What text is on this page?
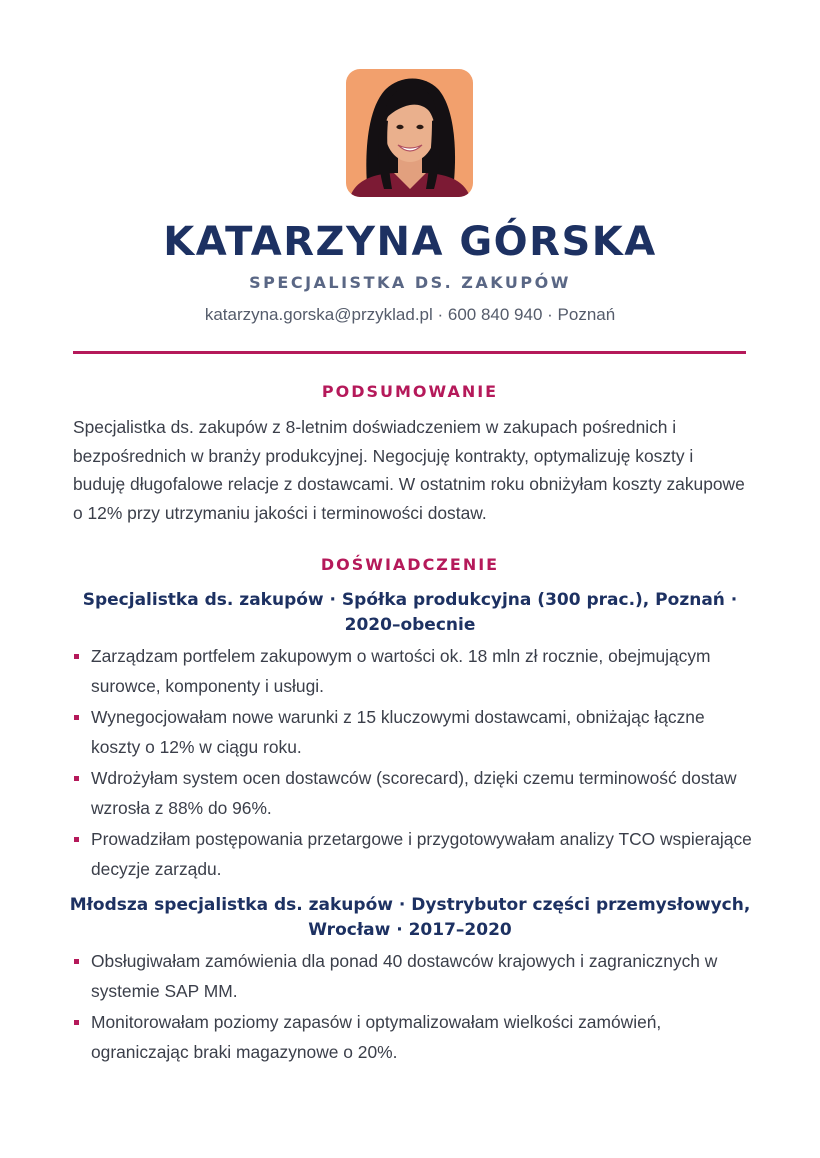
KATARZYNA GÓRSKA
SPECJALISTKA DS. ZAKUPÓW
katarzyna.gorska@przyklad.pl · 600 840 940 · Poznań
PODSUMOWANIE
Specjalistka ds. zakupów z 8-letnim doświadczeniem w zakupach pośrednich i bezpośrednich w branży produkcyjnej. Negocjuję kontrakty, optymalizuję koszty i buduję długofalowe relacje z dostawcami. W ostatnim roku obniżyłam koszty zakupowe o 12% przy utrzymaniu jakości i terminowości dostaw.
DOŚWIADCZENIE
Specjalistka ds. zakupów · Spółka produkcyjna (300 prac.), Poznań · 2020–obecnie
Zarządzam portfelem zakupowym o wartości ok. 18 mln zł rocznie, obejmującym surowce, komponenty i usługi.
Wynegocjowałam nowe warunki z 15 kluczowymi dostawcami, obniżając łączne koszty o 12% w ciągu roku.
Wdrożyłam system ocen dostawców (scorecard), dzięki czemu terminowość dostaw wzrosła z 88% do 96%.
Prowadziłam postępowania przetargowe i przygotowywałam analizy TCO wspierające decyzje zarządu.
Młodsza specjalistka ds. zakupów · Dystrybutor części przemysłowych, Wrocław · 2017–2020
Obsługiwałam zamówienia dla ponad 40 dostawców krajowych i zagranicznych w systemie SAP MM.
Monitorowałam poziomy zapasów i optymalizowałam wielkości zamówień, ograniczając braki magazynowe o 20%.
